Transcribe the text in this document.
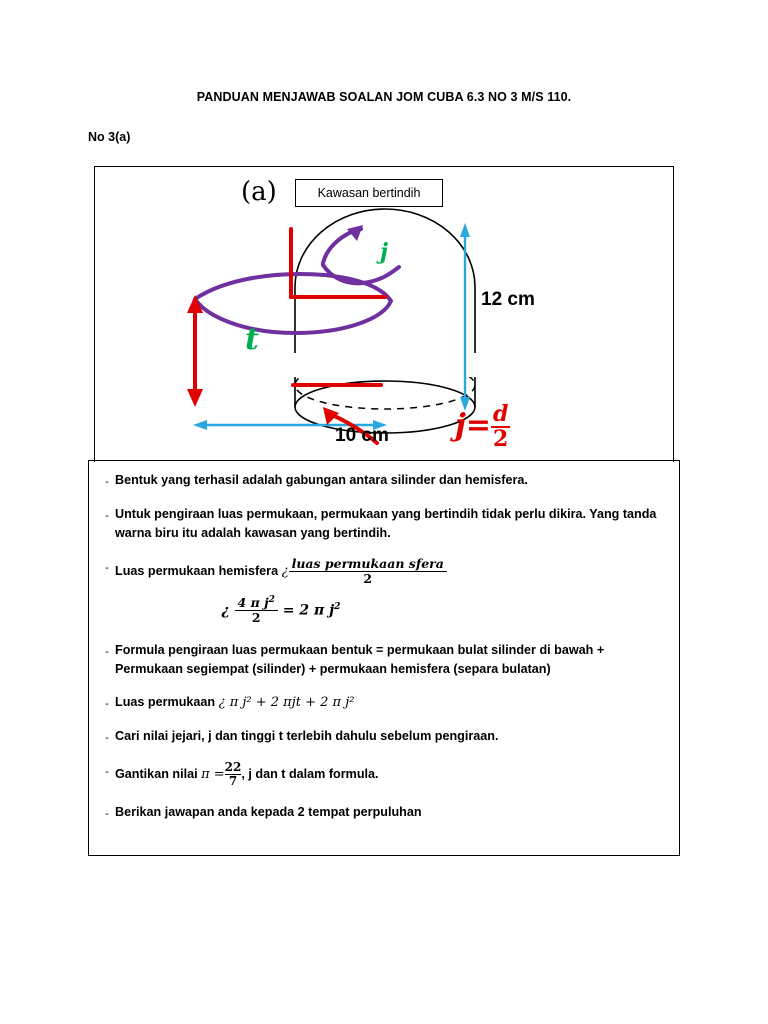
PANDUAN MENJAWAB SOALAN JOM CUBA 6.3 NO 3 M/S 110.
No 3(a)
(a)	Kawasan bertindih
12 cm
10 cm
t
j
$j= \frac{d}{2}$
- Bentuk yang terhasil adalah gabungan antara silinder dan hemisfera.
- Untuk pengiraan luas permukaan, permukaan yang bertindih tidak perlu dikira. Yang tanda warna biru itu adalah kawasan yang bertindih.
- Luas permukaan hemisfera ¿ $\frac{\text{luas permukaan sfera}}{2}$
¿ $\frac{4 \pi j^2}{2} = 2$ π $j^2$
- Formula pengiraan luas permukaan bentuk = permukaan bulat silinder di bawah + Permukaan segiempat (silinder) + permukaan hemisfera (separa bulatan)
- Luas permukaan ¿ π j² + 2 πjt + 2 π j²
- Cari nilai jejari, j dan tinggi t terlebih dahulu sebelum pengiraan.
- Gantikan nilai $\pi = \frac{22}{7}$ , j dan t dalam formula.
- Berikan jawapan anda kepada 2 tempat perpuluhan
